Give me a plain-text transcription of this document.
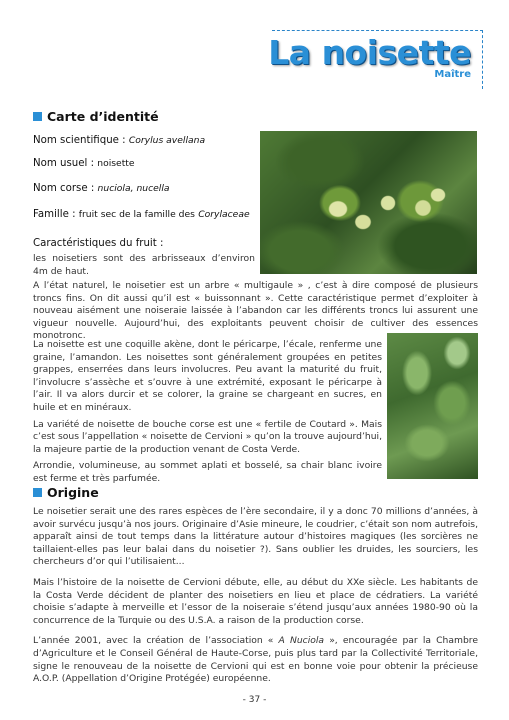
La noisette
Maître
Carte d’identité
Nom scientifique : Corylus avellana
Nom usuel : noisette
Nom corse : nuciola, nucella
Famille : fruit sec de la famille des Corylaceae
Caractéristiques du fruit :

les noisetiers sont des arbrisseaux d’environ 4m de haut.

A l’état naturel, le noisetier est un arbre « multigaule » , c’est à dire composé de plusieurs troncs fins. On dit aussi qu’il est « buissonnant ». Cette caractéristique permet d’exploiter à nouveau aisément une noiseraie laissée à l’abandon car les différents troncs lui assurent une vigueur nouvelle. Aujourd’hui, des exploitants peuvent choisir de cultiver des essences monotronc.

La noisette est une coquille akène, dont le péricarpe, l’écale, renferme une graine, l’amandon. Les noisettes sont généralement groupées en petites grappes, enserrées dans leurs involucres. Peu avant la maturité du fruit, l’involucre s’assèche et s’ouvre à une extrémité, exposant le péricarpe à l’air. Il va alors durcir et se colorer, la graine se chargeant en sucres, en huile et en minéraux.

La variété de noisette de bouche corse est une « fertile de Coutard ». Mais c’est sous l’appellation « noisette de Cervioni » qu’on la trouve aujourd’hui, la majeure partie de la production venant de Costa Verde.

Arrondie, volumineuse, au sommet aplati et bosselé, sa chair blanc ivoire est ferme et très parfumée.

Origine

Le noisetier serait une des rares espèces de l’ère secondaire, il y a donc 70 millions d’années, à avoir survécu jusqu’à nos jours. Originaire d’Asie mineure, le coudrier, c’était son nom autrefois, apparaît ainsi de tout temps dans la littérature autour d’histoires magiques (les sorcières ne taillaient-elles pas leur balai dans du noisetier ?). Sans oublier les druides, les sourciers, les chercheurs d’or qui l’utilisaient...

Mais l’histoire de la noisette de Cervioni débute, elle, au début du XXe siècle. Les habitants de la Costa Verde décident de planter des noisetiers en lieu et place de cédratiers. La variété choisie s’adapte à merveille et l’essor de la noiseraie s’étend jusqu’aux années 1980-90 où la concurrence de la Turquie ou des U.S.A. a raison de la production corse.

L’année 2001, avec la création de l’association « A Nuciola », encouragée par la Chambre d’Agriculture et le Conseil Général de Haute-Corse, puis plus tard par la Collectivité Territoriale, signe le renouveau de la noisette de Cervioni qui est en bonne voie pour obtenir la précieuse A.O.P. (Appellation d’Origine Protégée) européenne.

- 37 -
